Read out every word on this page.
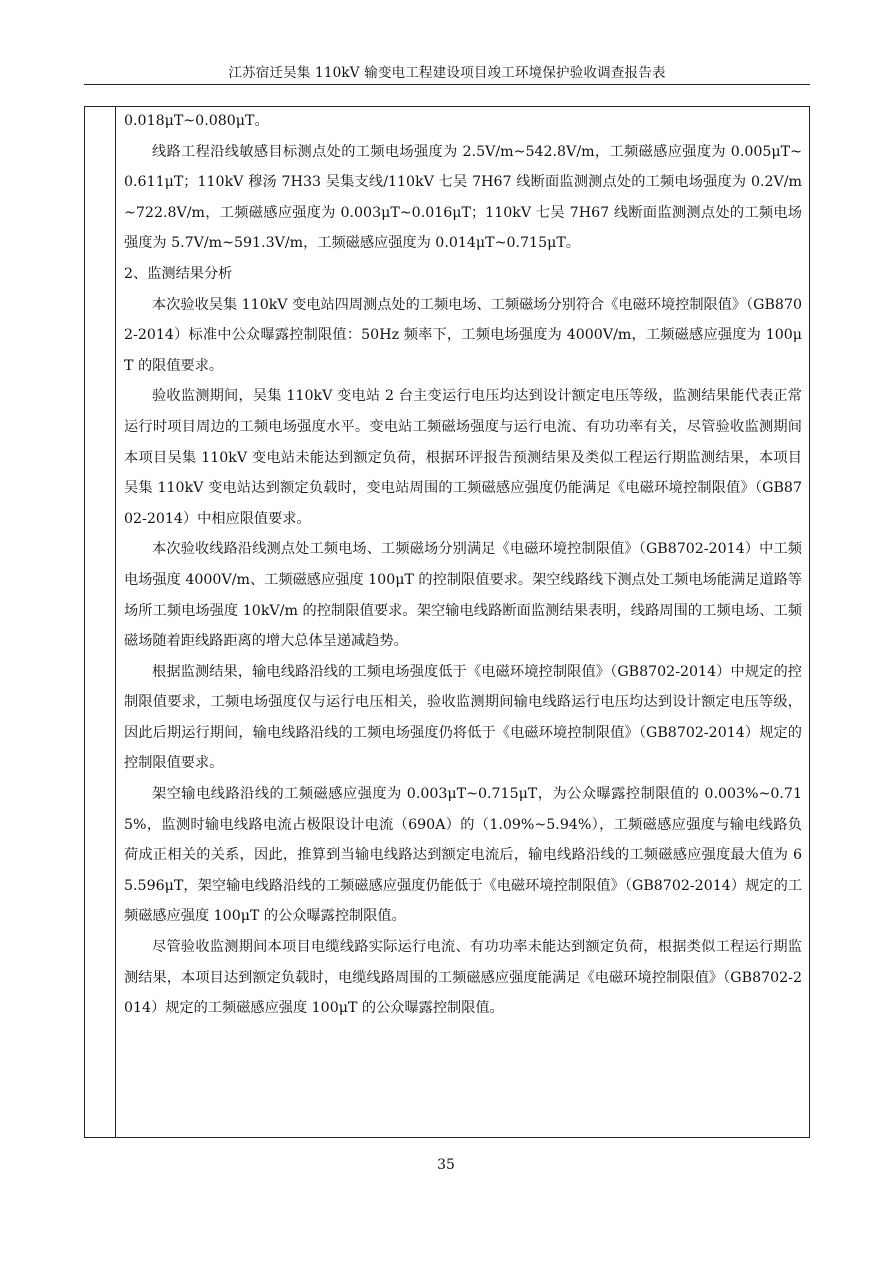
江苏宿迁吴集 110kV 输变电工程建设项目竣工环境保护验收调查报告表

0.018μT~0.080μT。

线路工程沿线敏感目标测点处的工频电场强度为 2.5V/m~542.8V/m，工频磁感应强度为 0.005μT~0.611μT；110kV 穆汤 7H33 吴集支线/110kV 七吴 7H67 线断面监测测点处的工频电场强度为 0.2V/m~722.8V/m，工频磁感应强度为 0.003μT~0.016μT；110kV 七吴 7H67 线断面监测测点处的工频电场强度为 5.7V/m~591.3V/m，工频磁感应强度为 0.014μT~0.715μT。

2、监测结果分析

本次验收吴集 110kV 变电站四周测点处的工频电场、工频磁场分别符合《电磁环境控制限值》（GB8702-2014）标准中公众曝露控制限值：50Hz 频率下，工频电场强度为 4000V/m，工频磁感应强度为 100μT 的限值要求。

验收监测期间，吴集 110kV 变电站 2 台主变运行电压均达到设计额定电压等级，监测结果能代表正常运行时项目周边的工频电场强度水平。变电站工频磁场强度与运行电流、有功功率有关，尽管验收监测期间本项目吴集 110kV 变电站未能达到额定负荷，根据环评报告预测结果及类似工程运行期监测结果，本项目吴集 110kV 变电站达到额定负载时，变电站周围的工频磁感应强度仍能满足《电磁环境控制限值》（GB8702-2014）中相应限值要求。

本次验收线路沿线测点处工频电场、工频磁场分别满足《电磁环境控制限值》（GB8702-2014）中工频电场强度 4000V/m、工频磁感应强度 100μT 的控制限值要求。架空线路线下测点处工频电场能满足道路等场所工频电场强度 10kV/m 的控制限值要求。架空输电线路断面监测结果表明，线路周围的工频电场、工频磁场随着距线路距离的增大总体呈递减趋势。

根据监测结果，输电线路沿线的工频电场强度低于《电磁环境控制限值》（GB8702-2014）中规定的控制限值要求，工频电场强度仅与运行电压相关，验收监测期间输电线路运行电压均达到设计额定电压等级，因此后期运行期间，输电线路沿线的工频电场强度仍将低于《电磁环境控制限值》（GB8702-2014）规定的控制限值要求。

架空输电线路沿线的工频磁感应强度为 0.003μT~0.715μT，为公众曝露控制限值的 0.003%~0.715%，监测时输电线路电流占极限设计电流（690A）的（1.09%~5.94%），工频磁感应强度与输电线路负荷成正相关的关系，因此，推算到当输电线路达到额定电流后，输电线路沿线的工频磁感应强度最大值为 65.596μT，架空输电线路沿线的工频磁感应强度仍能低于《电磁环境控制限值》（GB8702-2014）规定的工频磁感应强度 100μT 的公众曝露控制限值。

尽管验收监测期间本项目电缆线路实际运行电流、有功功率未能达到额定负荷，根据类似工程运行期监测结果，本项目达到额定负载时，电缆线路周围的工频磁感应强度能满足《电磁环境控制限值》（GB8702-2014）规定的工频磁感应强度 100μT 的公众曝露控制限值。

35
